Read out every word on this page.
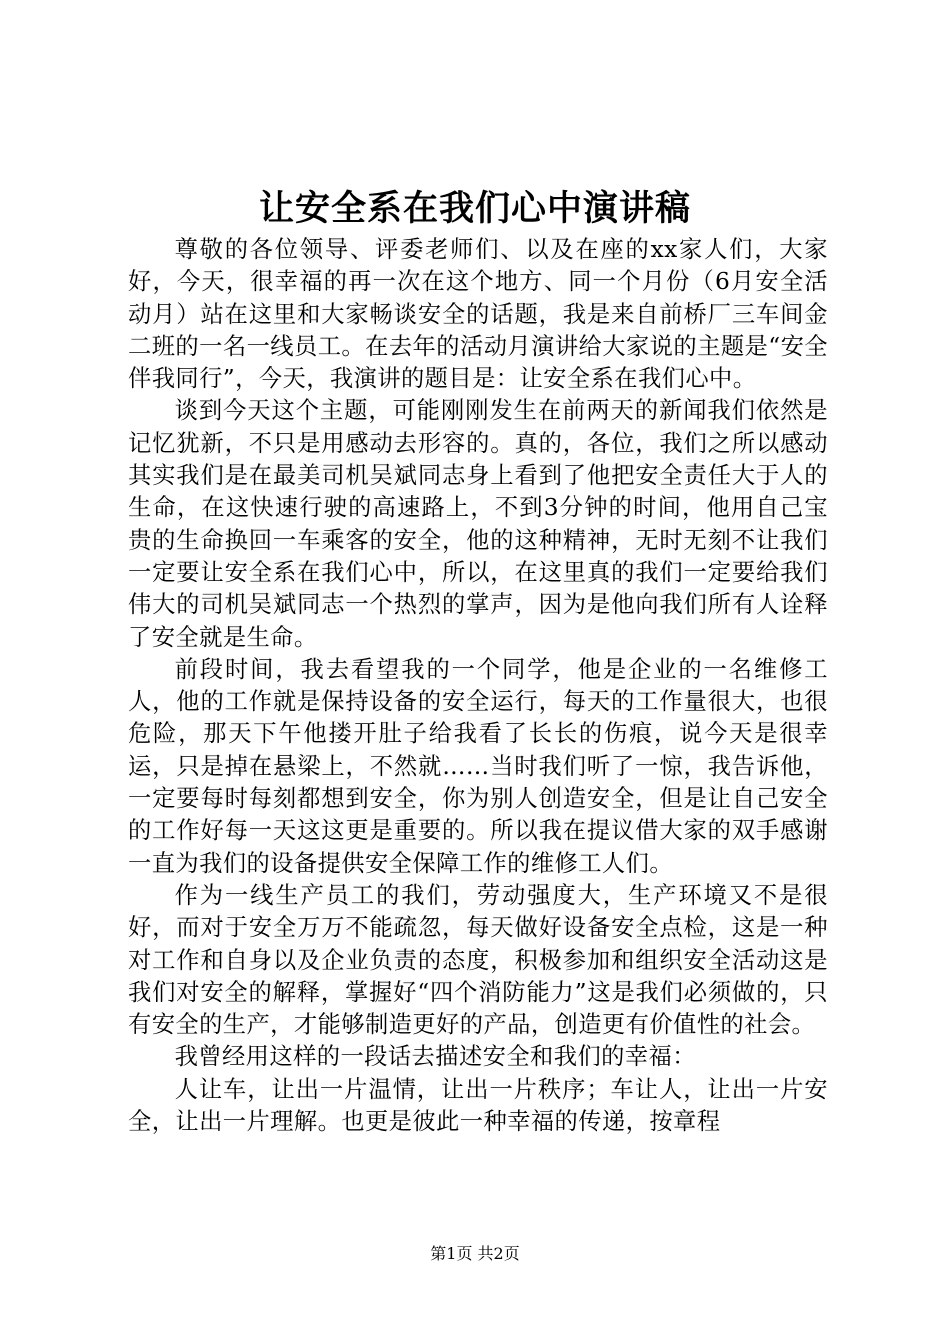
让安全系在我们心中演讲稿

尊敬的各位领导、评委老师们、以及在座的xx家人们，大家好，今天，很幸福的再一次在这个地方、同一个月份（6月安全活动月）站在这里和大家畅谈安全的话题，我是来自前桥厂三车间金二班的一名一线员工。在去年的活动月演讲给大家说的主题是“安全伴我同行”，今天，我演讲的题目是：让安全系在我们心中。

谈到今天这个主题，可能刚刚发生在前两天的新闻我们依然是记忆犹新，不只是用感动去形容的。真的，各位，我们之所以感动其实我们是在最美司机吴斌同志身上看到了他把安全责任大于人的生命，在这快速行驶的高速路上，不到3分钟的时间，他用自己宝贵的生命换回一车乘客的安全，他的这种精神，无时无刻不让我们一定要让安全系在我们心中，所以，在这里真的我们一定要给我们伟大的司机吴斌同志一个热烈的掌声，因为是他向我们所有人诠释了安全就是生命。

前段时间，我去看望我的一个同学，他是企业的一名维修工人，他的工作就是保持设备的安全运行，每天的工作量很大，也很危险，那天下午他搂开肚子给我看了长长的伤痕，说今天是很幸运，只是掉在悬梁上，不然就……当时我们听了一惊，我告诉他，一定要每时每刻都想到安全，你为别人创造安全，但是让自己安全的工作好每一天这这更是重要的。所以我在提议借大家的双手感谢一直为我们的设备提供安全保障工作的维修工人们。

作为一线生产员工的我们，劳动强度大，生产环境又不是很好，而对于安全万万不能疏忽，每天做好设备安全点检，这是一种对工作和自身以及企业负责的态度，积极参加和组织安全活动这是我们对安全的解释，掌握好“四个消防能力”这是我们必须做的，只有安全的生产，才能够制造更好的产品，创造更有价值性的社会。

我曾经用这样的一段话去描述安全和我们的幸福：

人让车，让出一片温情，让出一片秩序；车让人，让出一片安全，让出一片理解。也更是彼此一种幸福的传递，按章程

第1页 共2页
